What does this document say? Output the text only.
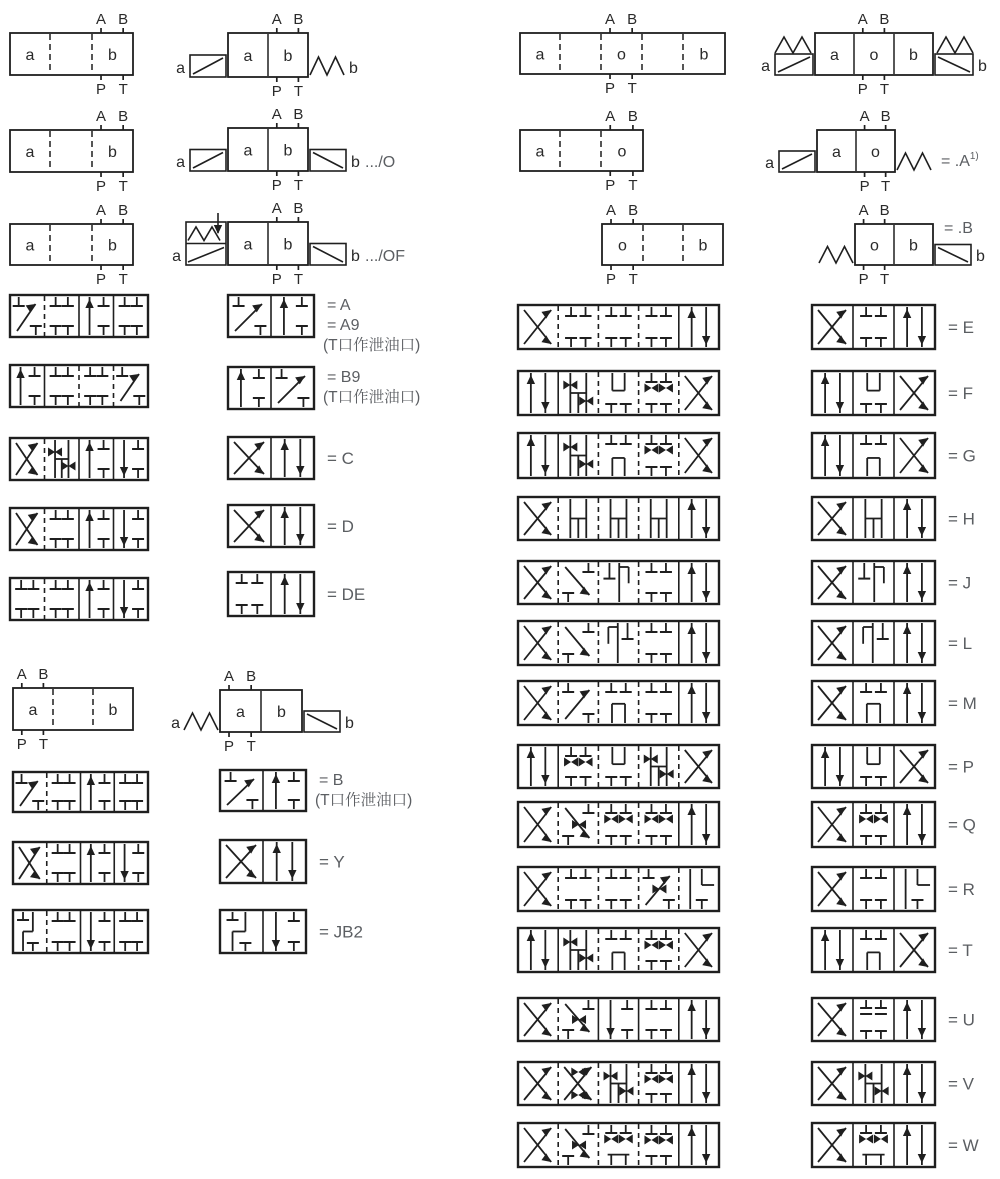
a	b
A
P
B
T
a	b
A
P
B
T
a	b
A
P
B
T
a b
A
P
B
T
a	b
a b
A
P
B
T
a	b .../O
a b
A
P
B
T
a	b .../OF
a	o	b
A
P
B
T
a	o
A
P
B
T
o	b
A
P
B
T
a o b
A
P
B
T
a	b
a o
A
P
B
T
a	= $.A^{1)}$
o b
A
P
B
T
b
= .B
a	b
A
P
B
T
a b
A
P
B
T
a	b
= A
= A9
(T口作泄油口)
= B9
(T口作泄油口)
= C
= D
= DE
= B
(T口作泄油口)
= Y
= JB2
= E
= F
= G
= H
= J
= L
= M
= P
= Q
= R
= T
= U
= V
= W
